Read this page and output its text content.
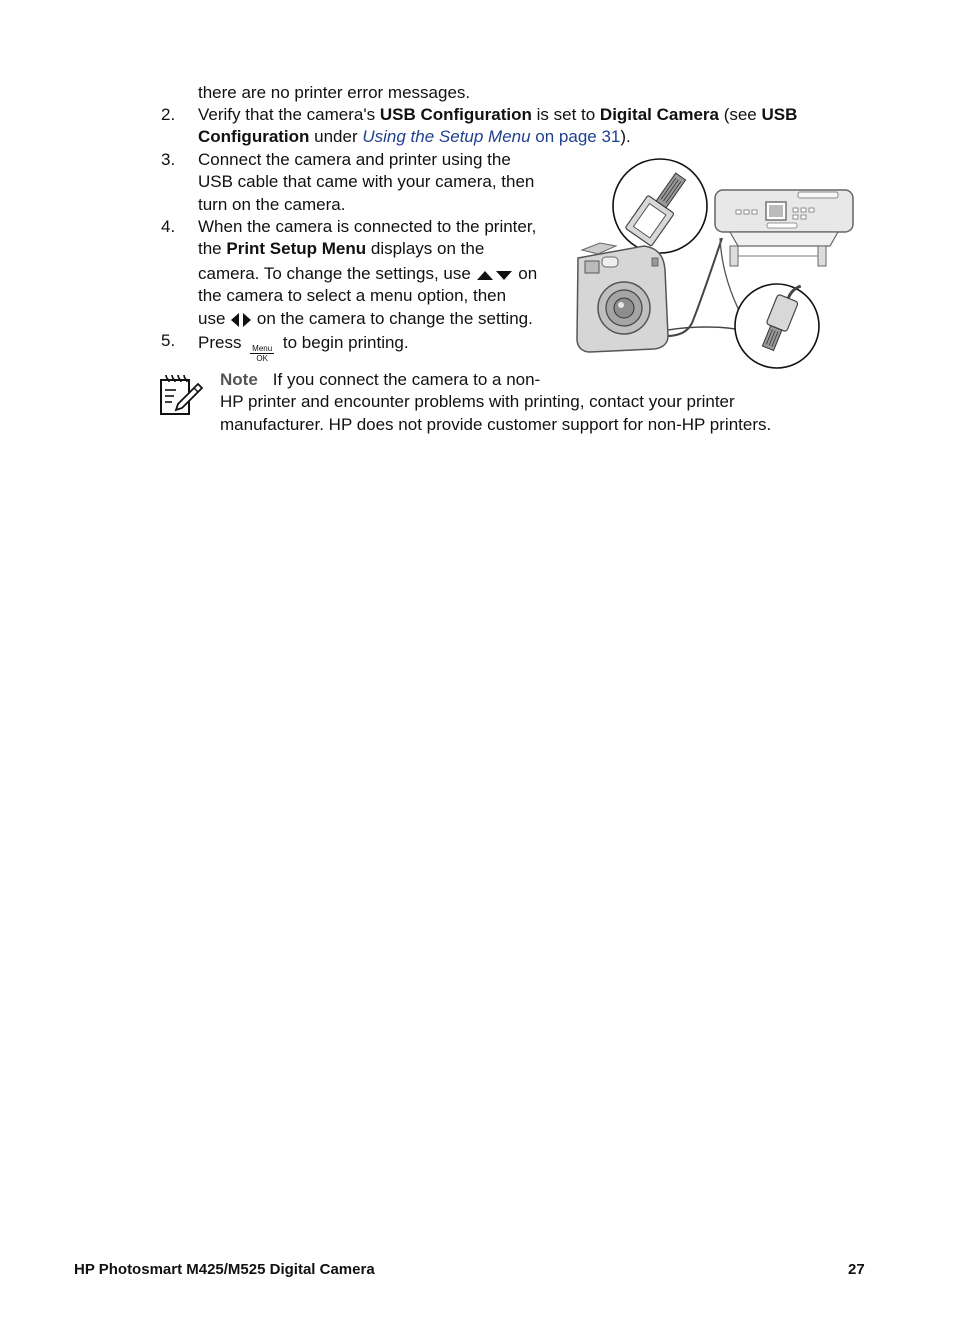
there are no printer error messages.
2. Verify that the camera's USB Configuration is set to Digital Camera (see USB
Configuration under Using the Setup Menu on page 31).
3. Connect the camera and printer using the
USB cable that came with your camera, then
turn on the camera.
4. When the camera is connected to the printer,
the Print Setup Menu displays on the
camera. To change the settings, use  on
the camera to select a menu option, then
use  on the camera to change the setting.
5. Press Menu
OK
to begin printing.
Note If you connect the camera to a non-
HP printer and encounter problems with printing, contact your printer
manufacturer. HP does not provide customer support for non-HP printers.
HP Photosmart M425/M525 Digital Camera	27
